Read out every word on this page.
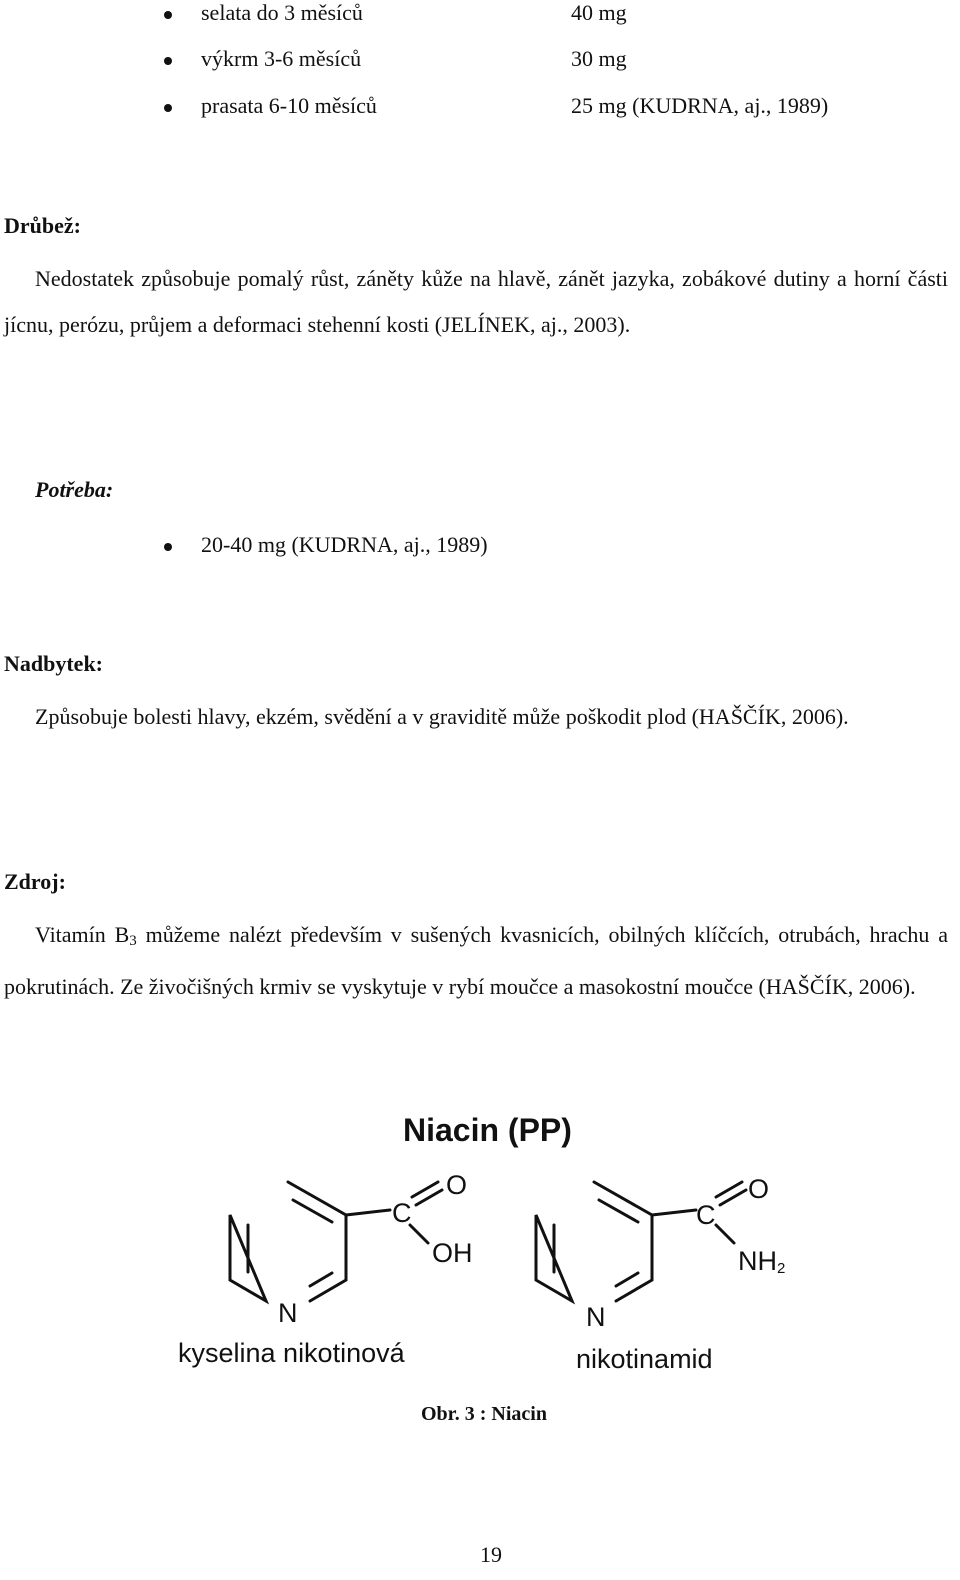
selata do 3 měsíců	40 mg
výkrm 3-6 měsíců	30 mg
prasata 6-10 měsíců	25 mg (KUDRNA, aj., 1989)
Drůbež:
Nedostatek způsobuje pomalý růst, záněty kůže na hlavě, zánět jazyka, zobákové dutiny a horní části jícnu, perózu, průjem a deformaci stehenní kosti (JELÍNEK, aj., 2003).
Potřeba:
20-40 mg (KUDRNA, aj., 1989)
Nadbytek:
Způsobuje bolesti hlavy, ekzém, svědění a v graviditě může poškodit plod (HAŠČÍK, 2006).
Zdroj:
Vitamín $B_3$ můžeme nalézt především v sušených kvasnicích, obilných klíčcích, otrubách, hrachu a pokrutinách. Ze živočišných krmiv se vyskytuje v rybí moučce a masokostní moučce (HAŠČÍK, 2006).
Niacin (PP)
C
O
OH
N
kyselina nikotinová
C
O
$NH_2$
N
nikotinamid
Obr. 3 : Niacin
19
